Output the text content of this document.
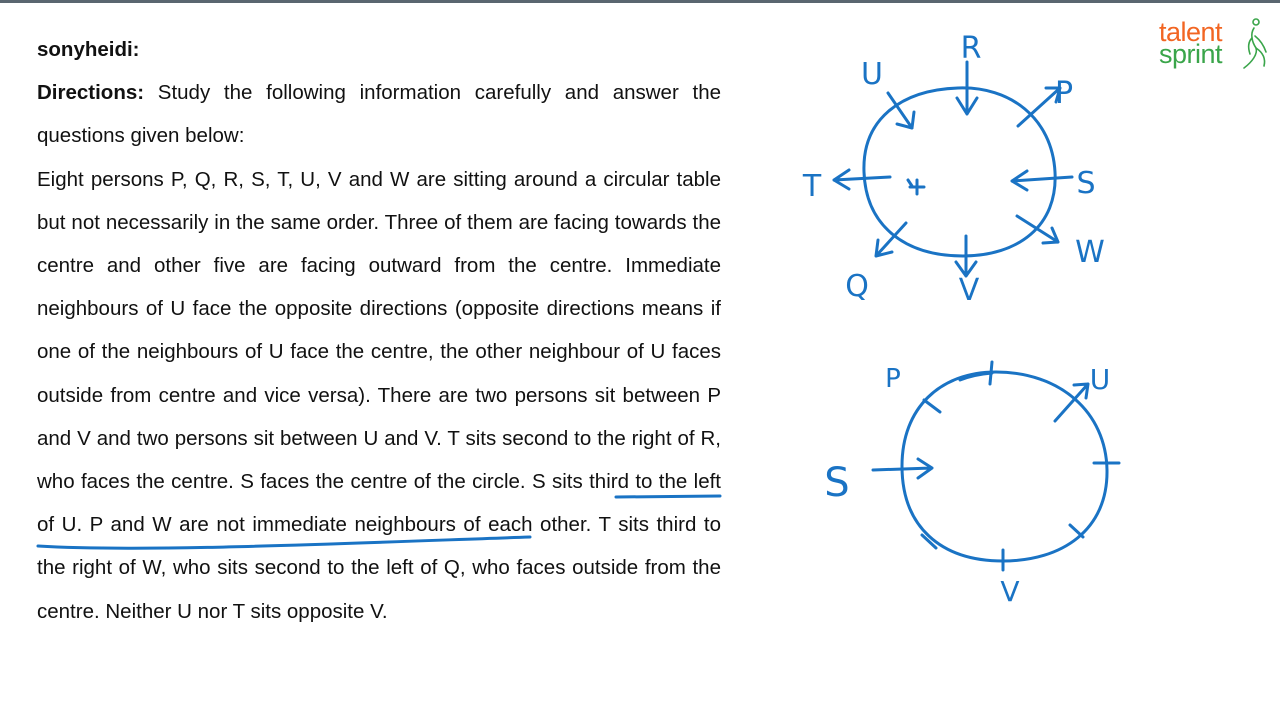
sonyheidi:

Directions: Study the following information carefully and answer the questions given below:

Eight persons P, Q, R, S, T, U, V and W are sitting around a circular table but not necessarily in the same order. Three of them are facing towards the centre and other five are facing outward from the centre. Immediate neighbours of U face the opposite directions (opposite directions means if one of the neighbours of U face the centre, the other neighbour of U faces outside from centre and vice versa). There are two persons sit between P and V and two persons sit between U and V. T sits second to the right of R, who faces the centre. S faces the centre of the circle. S sits third to the left of U. P and W are not immediate neighbours of each other. T sits third to the right of W, who sits second to the left of Q, who faces outside from the centre. Neither U nor T sits opposite V.

talent
sprint
R
U
P
T	S
Q	V
W
P	U
S
V
